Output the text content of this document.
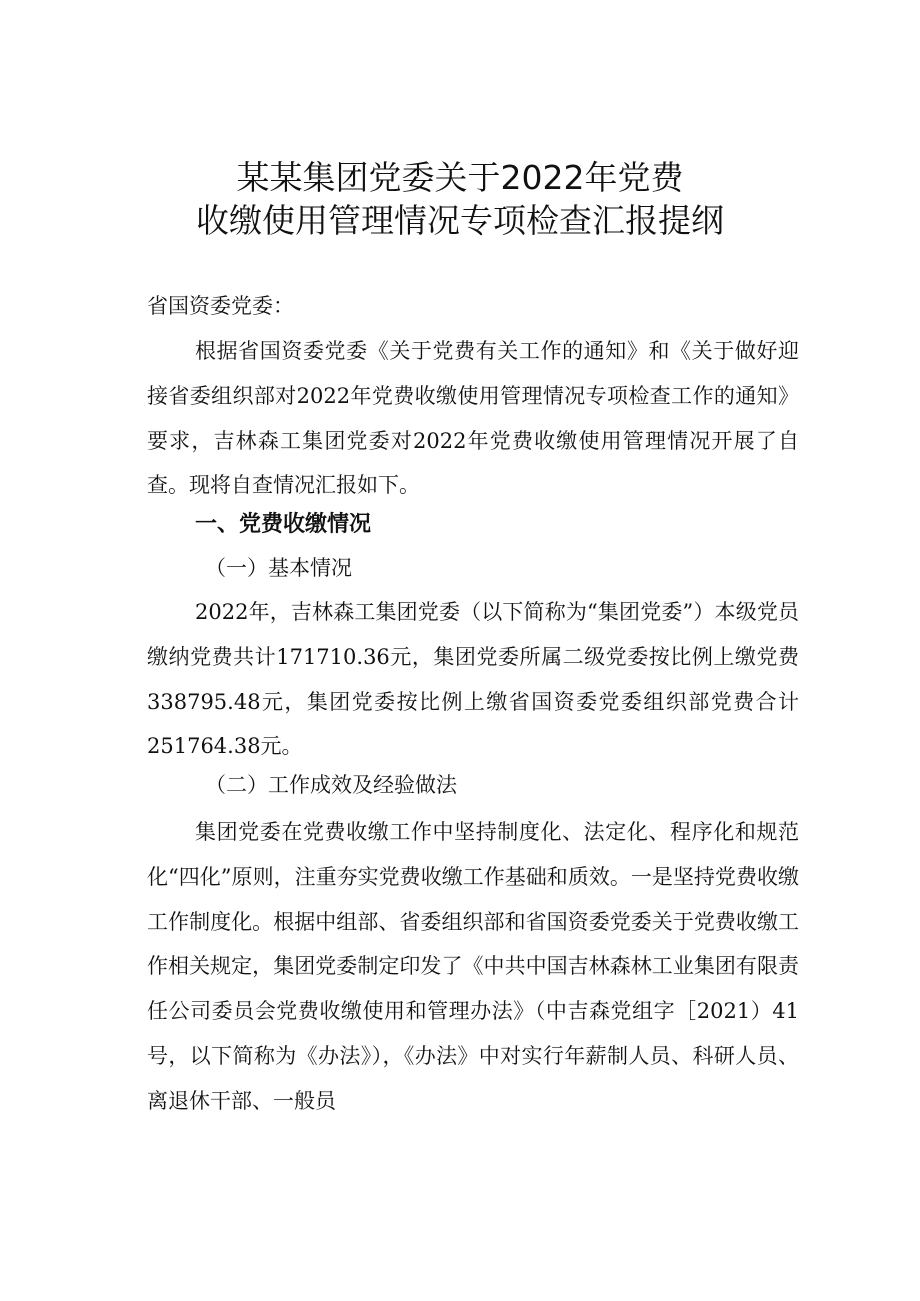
某某集团党委关于2022年党费
收缴使用管理情况专项检查汇报提纲
省国资委党委：
根据省国资委党委《关于党费有关工作的通知》和《关于做好迎接省委组织部对2022年党费收缴使用管理情况专项检查工作的通知》要求，吉林森工集团党委对2022年党费收缴使用管理情况开展了自查。现将自查情况汇报如下。
一、党费收缴情况
（一）基本情况
2022年，吉林森工集团党委（以下简称为“集团党委”）本级党员缴纳党费共计171710.36元，集团党委所属二级党委按比例上缴党费338795.48元，集团党委按比例上缴省国资委党委组织部党费合计251764.38元。
（二）工作成效及经验做法
集团党委在党费收缴工作中坚持制度化、法定化、程序化和规范化“四化”原则，注重夯实党费收缴工作基础和质效。一是坚持党费收缴工作制度化。根据中组部、省委组织部和省国资委党委关于党费收缴工作相关规定，集团党委制定印发了《中共中国吉林森林工业集团有限责任公司委员会党费收缴使用和管理办法》（中吉森党组字［2021）41号，以下简称为《办法》），《办法》中对实行年薪制人员、科研人员、离退休干部、一般员
